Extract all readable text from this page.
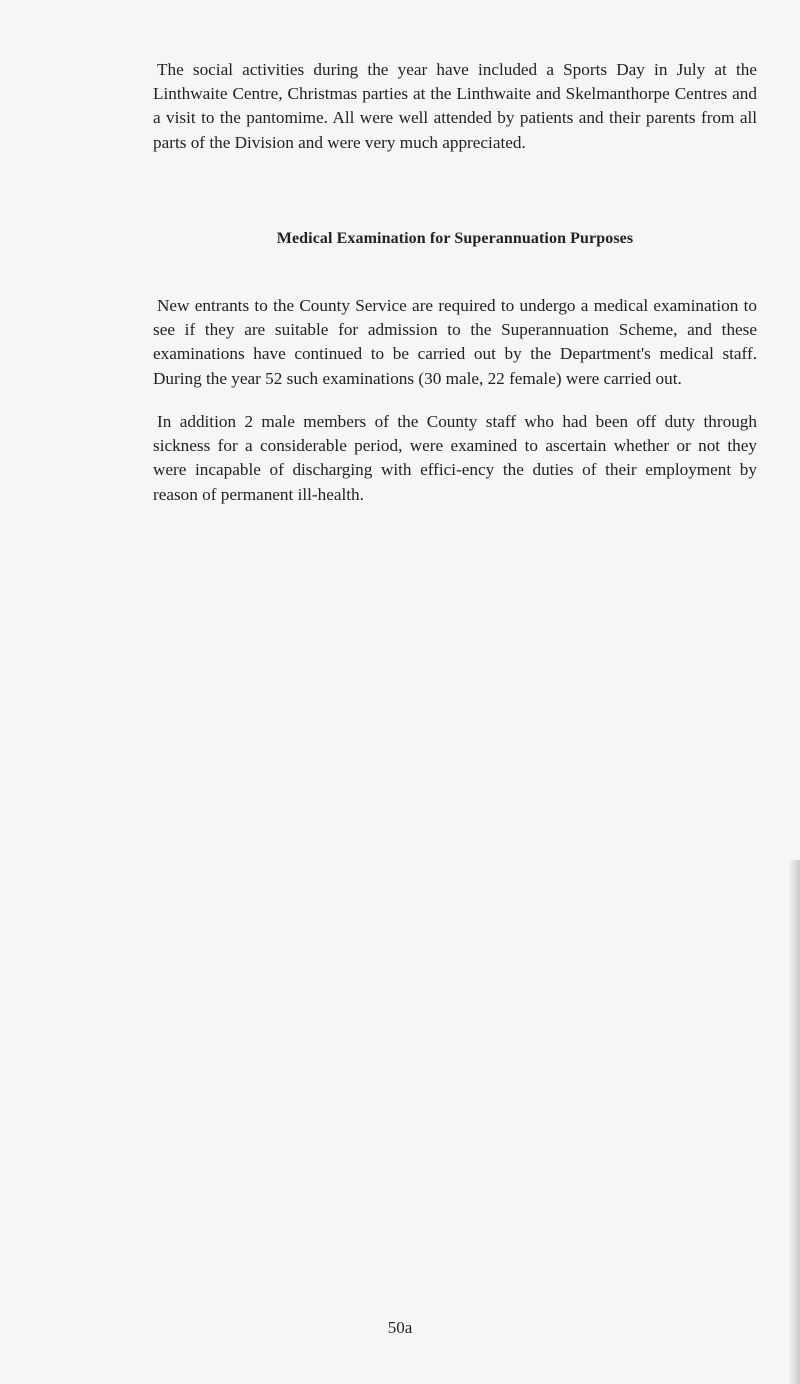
The social activities during the year have included a Sports Day in July at the Linthwaite Centre, Christmas parties at the Linthwaite and Skelmanthorpe Centres and a visit to the pantomime. All were well attended by patients and their parents from all parts of the Division and were very much appreciated.

Medical Examination for Superannuation Purposes

New entrants to the County Service are required to undergo a medical examination to see if they are suitable for admission to the Superannuation Scheme, and these examinations have continued to be carried out by the Department's medical staff. During the year 52 such examinations (30 male, 22 female) were carried out.

In addition 2 male members of the County staff who had been off duty through sickness for a considerable period, were examined to ascertain whether or not they were incapable of discharging with effici-ency the duties of their employment by reason of permanent ill-health.

50a
